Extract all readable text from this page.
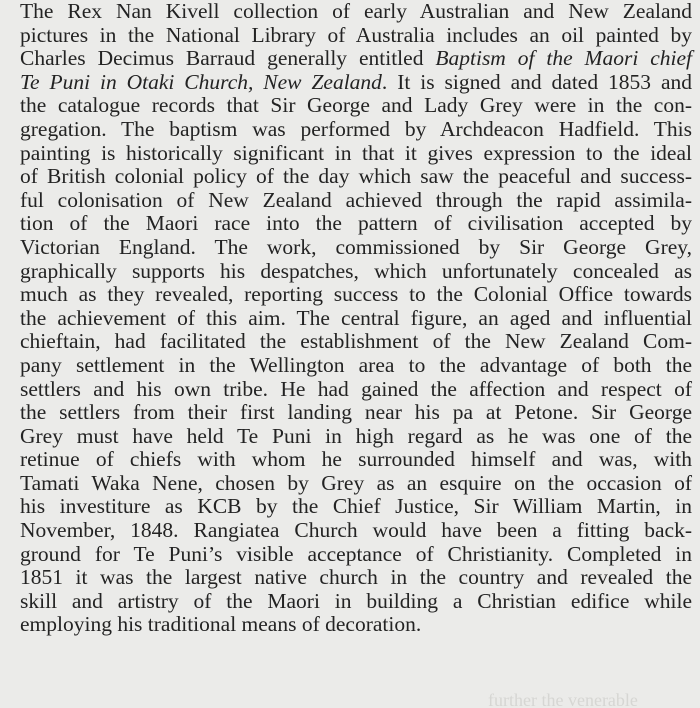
The Rex Nan Kivell collection of early Australian and New Zealand
pictures in the National Library of Australia includes an oil painted by
Charles Decimus Barraud generally entitled Baptism of the Maori chief
Te Puni in Otaki Church, New Zealand. It is signed and dated 1853 and
the catalogue records that Sir George and Lady Grey were in the con-
gregation. The baptism was performed by Archdeacon Hadfield. This
painting is historically significant in that it gives expression to the ideal
of British colonial policy of the day which saw the peaceful and success-
ful colonisation of New Zealand achieved through the rapid assimila-
tion of the Maori race into the pattern of civilisation accepted by
Victorian England. The work, commissioned by Sir George Grey,
graphically supports his despatches, which unfortunately concealed as
much as they revealed, reporting success to the Colonial Office towards
the achievement of this aim. The central figure, an aged and influential
chieftain, had facilitated the establishment of the New Zealand Com-
pany settlement in the Wellington area to the advantage of both the
settlers and his own tribe. He had gained the affection and respect of
the settlers from their first landing near his pa at Petone. Sir George
Grey must have held Te Puni in high regard as he was one of the
retinue of chiefs with whom he surrounded himself and was, with
Tamati Waka Nene, chosen by Grey as an esquire on the occasion of
his investiture as KCB by the Chief Justice, Sir William Martin, in
November, 1848. Rangiatea Church would have been a fitting back-
ground for Te Puni’s visible acceptance of Christianity. Completed in
1851 it was the largest native church in the country and revealed the
skill and artistry of the Maori in building a Christian edifice while
employing his traditional means of decoration.
further the venerable
